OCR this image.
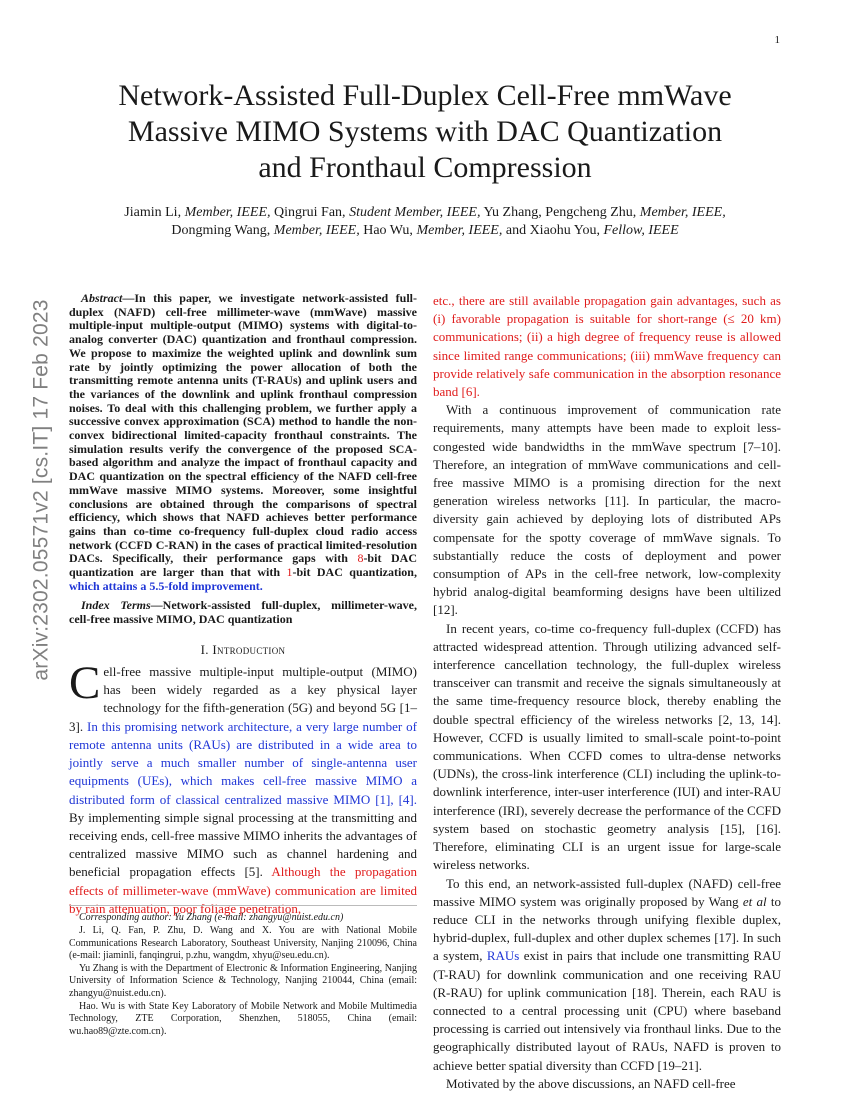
1
arXiv:2302.05571v2 [cs.IT] 17 Feb 2023
Network-Assisted Full-Duplex Cell-Free mmWave
Massive MIMO Systems with DAC Quantization
and Fronthaul Compression
Jiamin Li, Member, IEEE, Qingrui Fan, Student Member, IEEE, Yu Zhang, Pengcheng Zhu, Member, IEEE,
Dongming Wang, Member, IEEE, Hao Wu, Member, IEEE, and Xiaohu You, Fellow, IEEE

Abstract—In this paper, we investigate network-assisted full-duplex (NAFD) cell-free millimeter-wave (mmWave) massive multiple-input multiple-output (MIMO) systems with digital-to-analog converter (DAC) quantization and fronthaul compression. We propose to maximize the weighted uplink and downlink sum rate by jointly optimizing the power allocation of both the transmitting remote antenna units (T-RAUs) and uplink users and the variances of the downlink and uplink fronthaul compression noises. To deal with this challenging problem, we further apply a successive convex approximation (SCA) method to handle the non-convex bidirectional limited-capacity fronthaul constraints. The simulation results verify the convergence of the proposed SCA-based algorithm and analyze the impact of fronthaul capacity and DAC quantization on the spectral efficiency of the NAFD cell-free mmWave massive MIMO systems. Moreover, some insightful conclusions are obtained through the comparisons of spectral efficiency, which shows that NAFD achieves better performance gains than co-time co-frequency full-duplex cloud radio access network (CCFD C-RAN) in the cases of practical limited-resolution DACs. Specifically, their performance gaps with 8-bit DAC quantization are larger than that with 1-bit DAC quantization, which attains a 5.5-fold improvement.

Index Terms—Network-assisted full-duplex, millimeter-wave, cell-free massive MIMO, DAC quantization

I. Introduction

Cell-free massive multiple-input multiple-output (MIMO) has been widely regarded as a key physical layer technology for the fifth-generation (5G) and beyond 5G [1–3]. In this promising network architecture, a very large number of remote antenna units (RAUs) are distributed in a wide area to jointly serve a much smaller number of single-antenna user equipments (UEs), which makes cell-free massive MIMO a distributed form of classical centralized massive MIMO [1], [4]. By implementing simple signal processing at the transmitting and receiving ends, cell-free massive MIMO inherits the advantages of centralized massive MIMO such as channel hardening and beneficial propagation effects [5]. Although the propagation effects of millimeter-wave (mmWave) communication are limited by rain attenuation, poor foliage penetration,

Corresponding author: Yu Zhang (e-mail: zhangyu@nuist.edu.cn)

J. Li, Q. Fan, P. Zhu, D. Wang and X. You are with National Mobile Communications Research Laboratory, Southeast University, Nanjing 210096, China (e-mail: jiaminli, fanqingrui, p.zhu, wangdm, xhyu@seu.edu.cn).

Yu Zhang is with the Department of Electronic & Information Engineering, Nanjing University of Information Science & Technology, Nanjing 210044, China (email: zhangyu@nuist.edu.cn).

Hao. Wu is with State Key Laboratory of Mobile Network and Mobile Multimedia Technology, ZTE Corporation, Shenzhen, 518055, China (email: wu.hao89@zte.com.cn).

etc., there are still available propagation gain advantages, such as (i) favorable propagation is suitable for short-range (≤ 20 km) communications; (ii) a high degree of frequency reuse is allowed since limited range communications; (iii) mmWave frequency can provide relatively safe communication in the absorption resonance band [6].

With a continuous improvement of communication rate requirements, many attempts have been made to exploit less-congested wide bandwidths in the mmWave spectrum [7–10]. Therefore, an integration of mmWave communications and cell-free massive MIMO is a promising direction for the next generation wireless networks [11]. In particular, the macro-diversity gain achieved by deploying lots of distributed APs compensate for the spotty coverage of mmWave signals. To substantially reduce the costs of deployment and power consumption of APs in the cell-free network, low-complexity hybrid analog-digital beamforming designs have been ultilized [12].

In recent years, co-time co-frequency full-duplex (CCFD) has attracted widespread attention. Through utilizing advanced self-interference cancellation technology, the full-duplex wireless transceiver can transmit and receive the signals simultaneously at the same time-frequency resource block, thereby enabling the double spectral efficiency of the wireless networks [2, 13, 14]. However, CCFD is usually limited to small-scale point-to-point communications. When CCFD comes to ultra-dense networks (UDNs), the cross-link interference (CLI) including the uplink-to-downlink interference, inter-user interference (IUI) and inter-RAU interference (IRI), severely decrease the performance of the CCFD system based on stochastic geometry analysis [15], [16]. Therefore, eliminating CLI is an urgent issue for large-scale wireless networks.

To this end, an network-assisted full-duplex (NAFD) cell-free massive MIMO system was originally proposed by Wang et al to reduce CLI in the networks through unifying flexible duplex, hybrid-duplex, full-duplex and other duplex schemes [17]. In such a system, RAUs exist in pairs that include one transmitting RAU (T-RAU) for downlink communication and one receiving RAU (R-RAU) for uplink communication [18]. Therein, each RAU is connected to a central processing unit (CPU) where baseband processing is carried out intensively via fronthaul links. Due to the geographically distributed layout of RAUs, NAFD is proven to achieve better spatial diversity than CCFD [19–21].

Motivated by the above discussions, an NAFD cell-free
